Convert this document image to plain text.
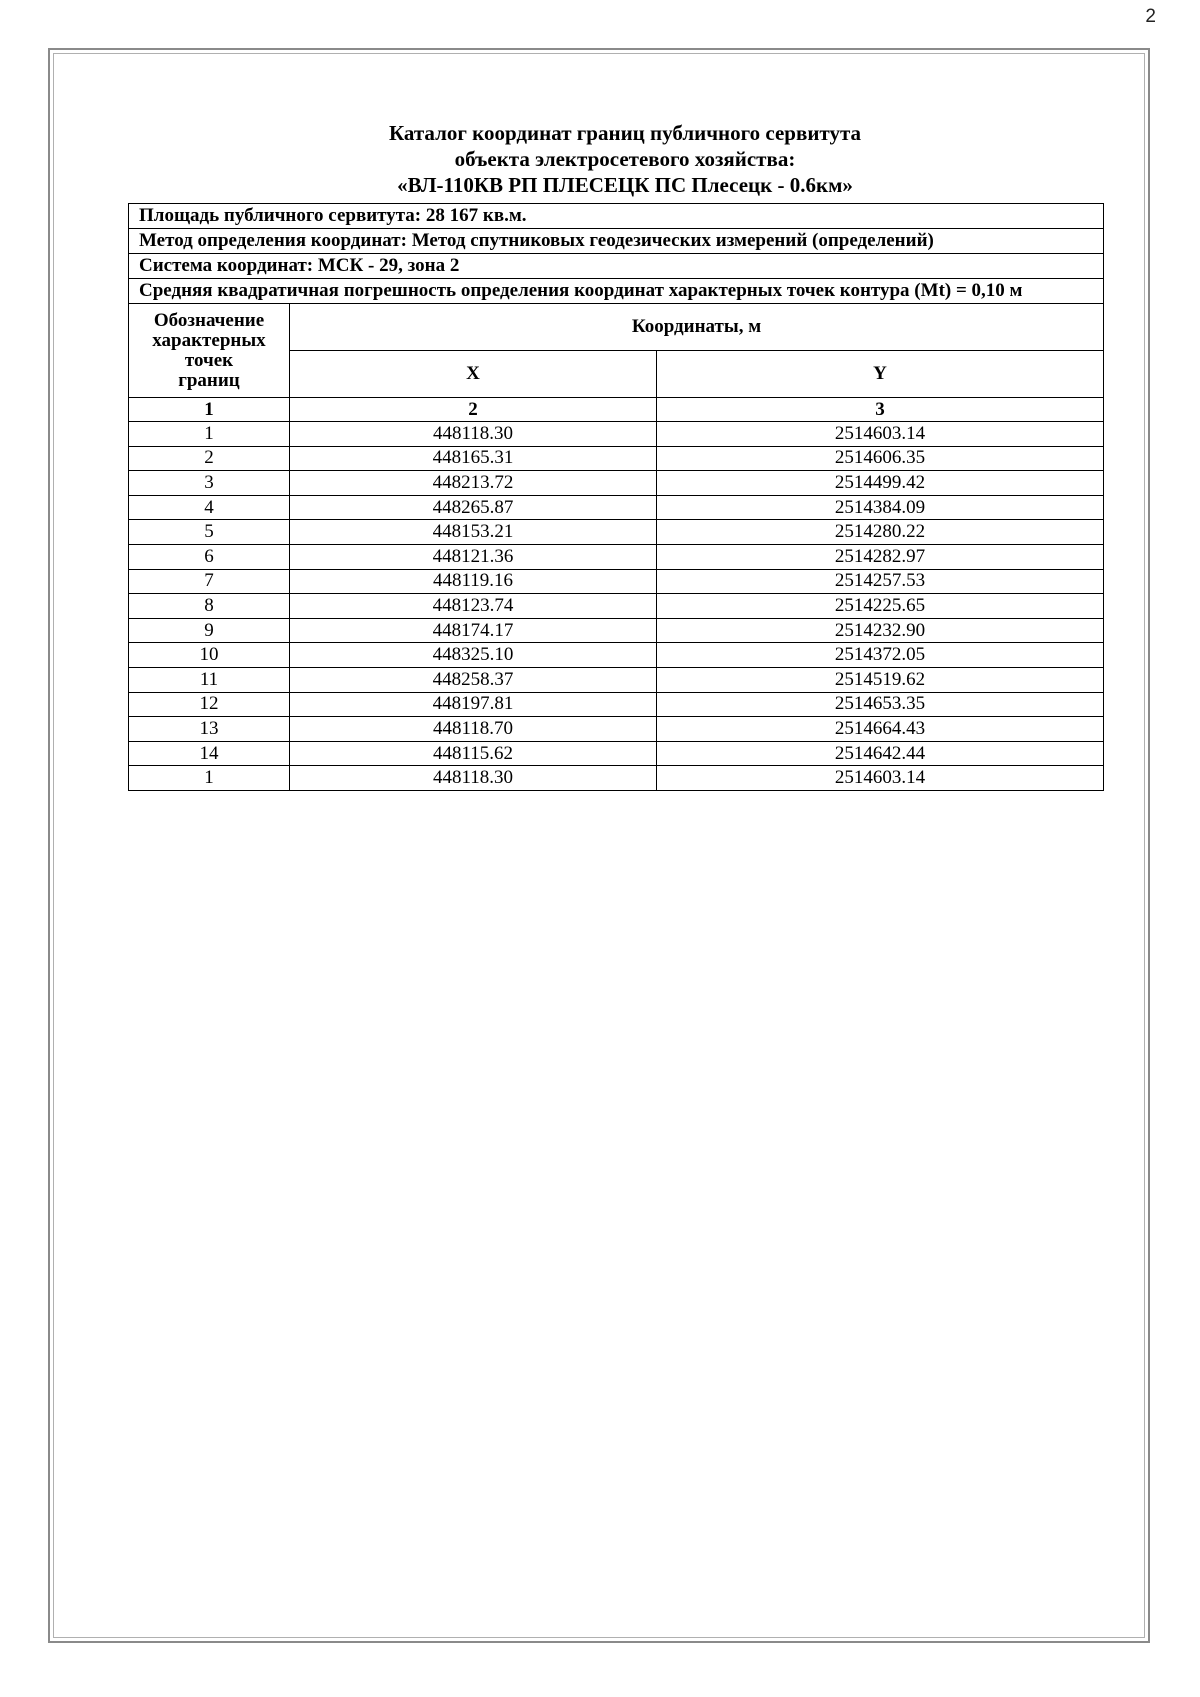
2
Каталог координат границ публичного сервитута
объекта электросетевого хозяйства:
«ВЛ-110КВ РП ПЛЕСЕЦК ПС Плесецк - 0.6км»
Площадь публичного сервитута: 28 167 кв.м.		
Метод определения координат: Метод спутниковых геодезических измерений (определений)		
Система координат: МСК - 29, зона 2		
Средняя квадратичная погрешность определения координат характерных точек контура (Mt) = 0,10 м		
Обозначение
характерных
точек
границ	Координаты, м	
	X	Y
1	2	3
1	448118.30	2514603.14
2	448165.31	2514606.35
3	448213.72	2514499.42
4	448265.87	2514384.09
5	448153.21	2514280.22
6	448121.36	2514282.97
7	448119.16	2514257.53
8	448123.74	2514225.65
9	448174.17	2514232.90
10	448325.10	2514372.05
11	448258.37	2514519.62
12	448197.81	2514653.35
13	448118.70	2514664.43
14	448115.62	2514642.44
1	448118.30	2514603.14
